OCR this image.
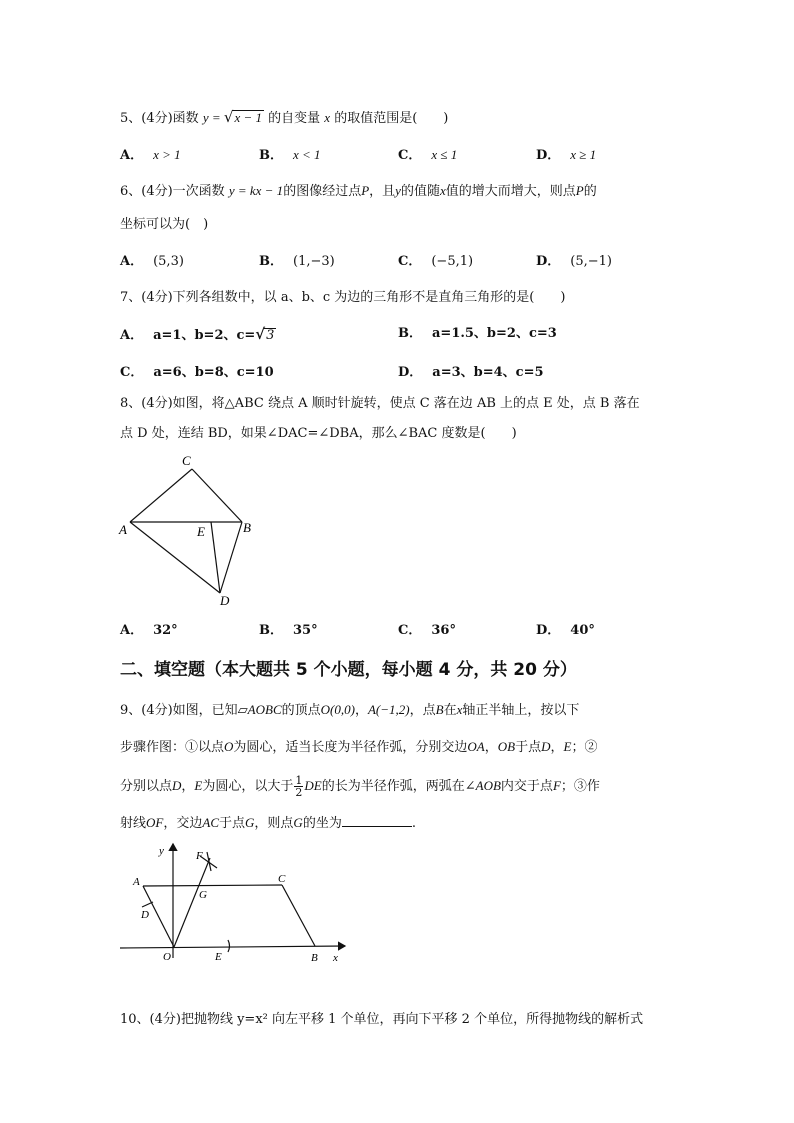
5、(4分)函数 y = √x − 1 的自变量 x 的取值范围是(　　)
A． x > 1	B． x < 1	C． x ≤ 1	D． x ≥ 1
6、(4分)一次函数 y = kx − 1的图像经过点P，且y的值随x值的增大而增大，则点P的
坐标可以为(　)
A． (5,3)	B． (1,−3)	C． (−5,1)	D． (5,−1)
7、(4分)下列各组数中，以 a、b、c 为边的三角形不是直角三角形的是(　　)
A． a=1、b=2、c=√3	B． a=1.5、b=2、c=3
C． a=6、b=8、c=10	D． a=3、b=4、c=5
8、(4分)如图，将△ABC 绕点 A 顺时针旋转，使点 C 落在边 AB 上的点 E 处，点 B 落在
点 D 处，连结 BD，如果∠DAC=∠DBA，那么∠BAC 度数是(　　)
C
A	E	B
D
A． 32°	B． 35°	C． 36°	D． 40°
二、填空题（本大题共 5 个小题，每小题 4 分，共 20 分）
9、(4分)如图，已知▱AOBC的顶点O(0,0)，A(−1,2)，点B在x轴正半轴上，按以下
步骤作图：①以点O为圆心，适当长度为半径作弧，分别交边OA，OB于点D，E；②
分别以点D，E为圆心，以大于 $\frac{1}{2}$ DE的长为半径作弧，两弧在∠AOB内交于点F；③作
射线OF，交边AC于点G，则点G的坐为	.
y	F
A	C
G
D
O	E	B x
10、(4分)把抛物线 y=x² 向左平移 1 个单位，再向下平移 2 个单位，所得抛物线的解析式
